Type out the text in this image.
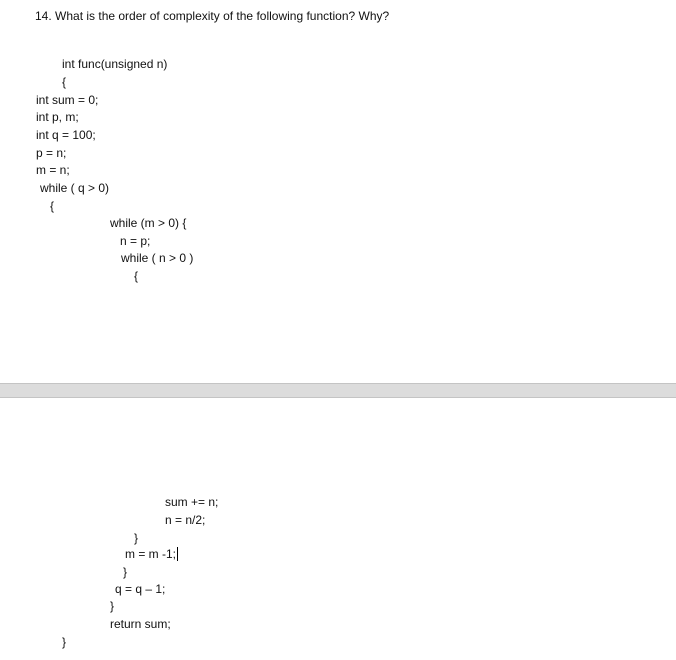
14. What is the order of complexity of the following function? Why?

int func(unsigned n)

{

int sum = 0;

int p, m;

int q = 100;

p = n;

m = n;

while ( q > 0)

{

while (m > 0) {

n = p;

while ( n > 0 )

{

sum += n;

n = n/2;

}

m = m -1;

}

q = q – 1;

}

return sum;

}
